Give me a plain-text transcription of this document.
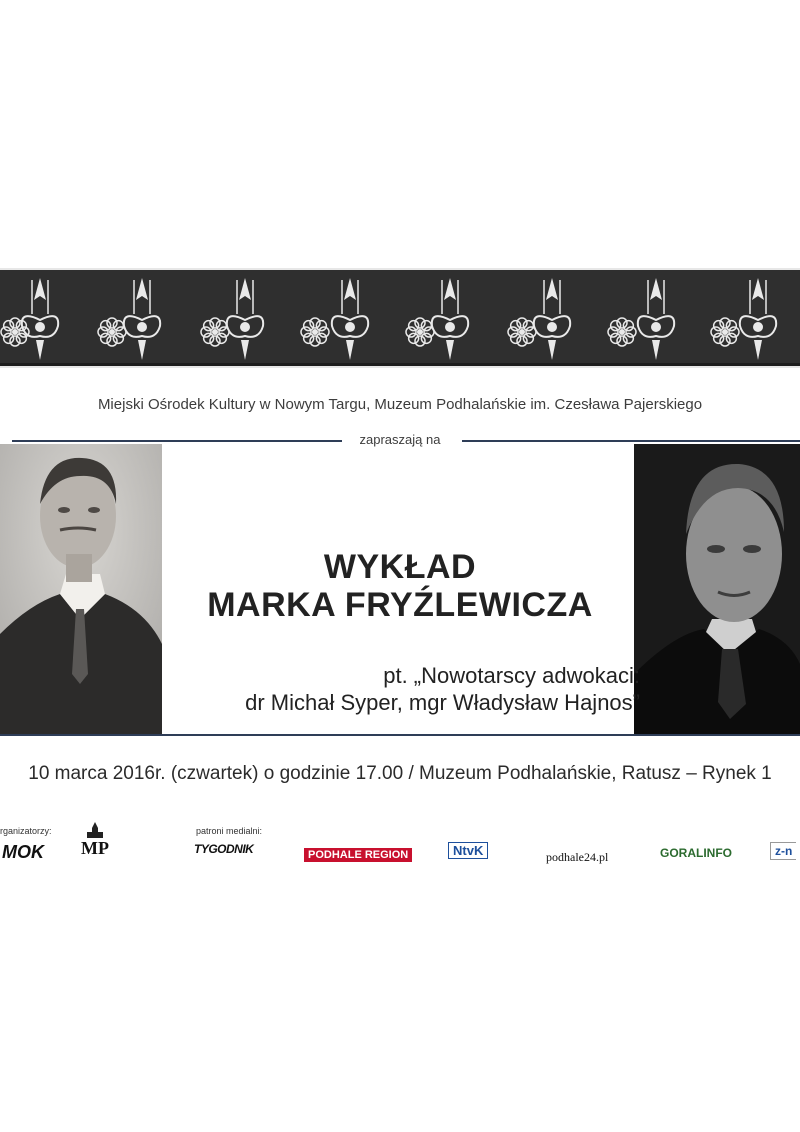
Miejski Ośrodek Kultury w Nowym Targu, Muzeum Podhalańskie im. Czesława Pajerskiego
zapraszają na
WYKŁAD
MARKA FRYŹLEWICZA
pt. „Nowotarscy adwokaci:
dr Michał Syper, mgr Władysław Hajnos”
10 marca 2016r. (czwartek) o godzinie 17.00 / Muzeum Podhalańskie, Ratusz – Rynek 1
rganizatorzy:
MOK MP
patroni medialni:
TYGODNIK	PODHALE REGION	NtvK	podhale24.pl	GORALINFO	z-n
